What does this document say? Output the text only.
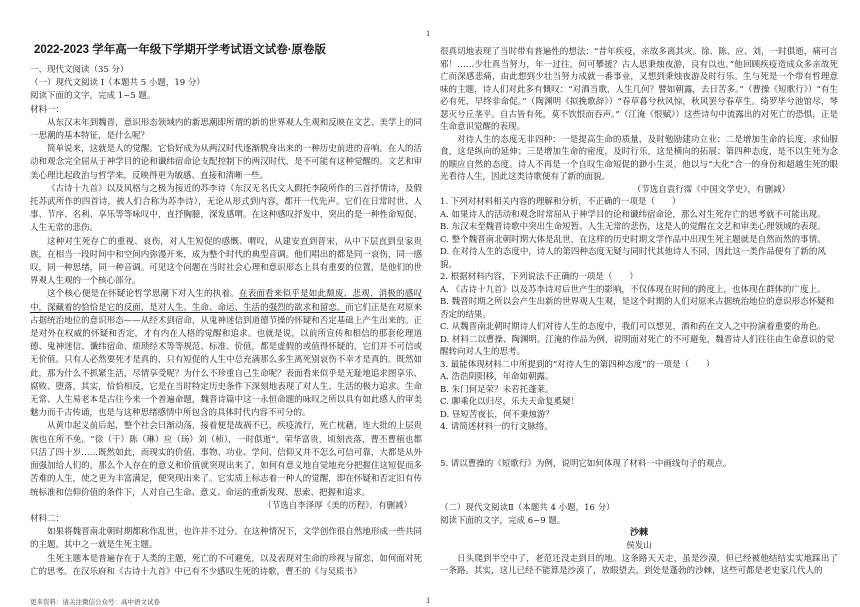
1
2022-2023 学年高一年级下学期开学考试语文试卷·原卷版
一、现代文阅读（35 分）
（一）现代文阅读 I（本题共 5 小题，19 分）
阅读下面的文字，完成 1~5 题。
材料一：

从东汉末年到魏晋，意识形态领域内的新思潮即所谓的新的世界观人生观和反映在文艺、美学上的同一思潮的基本特征，是什么呢？

简单说来，这就是人的觉醒。它恰好成为从两汉时代逐渐脱身出来的一种历史前进的音响。在人的活动和观念完全屈从于神学目的论和谶纬宿命论支配控制下的两汉时代，是不可能有这种觉醒的。文艺和审美心理比起政治与哲学来，反映得更为敏感、直接和清晰一些。

《古诗十九首》以及风格与之极为接近的苏李诗（东汉无名氏文人假托李陵所作的三首抒情诗，及假托苏武所作的四首诗，被人们合称为苏李诗），无论从形式到内容，都开一代先声。它们在日常时世、人事、节序、名利、享乐等等咏叹中，直抒胸臆，深发感喟。在这种感叹抒发中，突出的是一种性命短促、人生无常的悲伤。

这种对生死存亡的重视、哀伤，对人生短促的感慨、喟叹，从建安直到晋宋，从中下层直到皇家贵族，在相当一段时间中和空间内弥漫开来，成为整个时代的典型音调。他们唱出的都是同一哀伤，同一感叹，同一种思绪，同一种音调。可见这个问题在当时社会心理和意识形态上具有重要的位置，是他们的世界观人生观的一个核心部分。

这个核心便是在怀疑论哲学思潮下对人生的执着。在表面看来似乎是如此颓废、悲观、消极的感叹中，深藏着的恰恰是它的反面，是对人生、生命、命运、生活的强烈的欲求和留恋。而它们正是在对原来占据统治地位的意识形态——从经术到宿命，从鬼神迷信到道德节操的怀疑和否定基础上产生出来的。正是对外在权威的怀疑和否定，才有内在人格的觉醒和追求。也就是说，以前所宣传和相信的那套伦理道德、鬼神迷信、谶纬宿命、烦琐经术等等规范、标准、价值，都是虚假的或值得怀疑的，它们并不可信或无价值。只有人必然要死才是真的，只有短促的人生中总充满那么多生离死别哀伤不幸才是真的。既然如此，那为什么不抓紧生活，尽情享受呢？为什么不珍重自己生命呢？表面看来似乎是无耻地追求图享乐、腐败、堕落，其实，恰恰相反，它是在当时特定历史条件下深刻地表现了对人生、生活的极力追求。生命无常、人生易老本是古往今来一个普遍命题，魏晋诗篇中这一永恒命题的咏叹之所以具有如此感人的审美魅力而千古传诵，也是与这种思绪感情中所包含的具体时代内容不可分的。

从黄巾起义前后起，整个社会日渐动荡，接着便是战祸不已，疾疫流行，死亡枕藉，连大批的上层贵族也在所不免。“徐（干）陈（琳）应（玚）刘（桢），一时俱逝”，荣华富贵，顷刻丧落，曹丕曹植也都只活了四十岁……既然如此，而现实的价值、事物、功业、学问、信仰又并不怎么可信可靠，大都是从外面强加给人们的，那么个人存在的意义和价值就突现出来了，如何有意义地自觉地充分把握住这短促而多苦难的人生，使之更为丰富满足，便突现出来了。它实质上标志着一种人的觉醒，即在怀疑和否定旧有传统标准和信仰价值的条件下，人对自己生命、意义、命运的重新发现、思索、把握和追求。

（节选自李泽厚《美的历程》，有删减）
材料二：

如果将魏晋南北朝时期都称作乱世，也许并不过分。在这种情况下，文学创作很自然地形成一些共同的主题。其中之一就是生死主题。

生死主题本是普遍存在于人类的主题，死亡的不可避免，以及表现对生命的珍视与留恋，如何面对死亡的思考。在汉乐府和《古诗十九首》中已有不少感叹生死的诗歌，曹丕的《与吴质书》

很真切地表现了当时带有普遍性的想法：“昔年疾疫，亲故多离其灾。徐、陈、应、刘，一时俱逝，痛可言邪！……少壮真当努力，年一过往，何可攀援？古人思秉烛夜游，良有以也。”他回顾疾疫造成众多亲故死亡而深感悲痛，由此想到少壮当努力成就一番事业，又想到秉烛夜游及时行乐。生与死是一个带有哲理意味的主题，诗人们对此多有慨叹：“对酒当歌，人生几何？譬如朝露，去日苦多。”（曹操《短歌行》）“有生必有死，早终非命促。”（陶渊明《拟挽歌辞》）“春草暮兮秋风惊，秋风罢兮春草生。绮罗毕兮池馆尽，琴瑟灭兮丘垄平。自古皆有死，莫不饮恨而吞声。”（江淹《恨赋》）这些诗句中流露出的对死亡的恐惧，正是生命意识觉醒的表现。

对待人生的态度无非四种：一是提高生命的质量，及时勉励建功立业；二是增加生命的长度，求仙服食，这是纵向的延伸；三是增加生命的密度，及时行乐，这是横向的拓展；第四种态度，是不以生死为念的顺应自然的态度。诗人不再是一个自叹生命短促的渺小生灵，他以与“大化”合一的身份和超越生死的眼光看待人生，因此这类诗歌便有了新的面貌。

（节选自袁行霈《中国文学史》，有删减）
1. 下列对材料相关内容的理解和分析，不正确的一项是（　　）
A. 如果诗人的活动和观念时常屈从于神学目的论和谶纬宿命论，那么对生死存亡的思考就不可能出现。
B. 东汉末至魏晋诗歌中突出生命短暂、人生无常的悲伤，这是人的觉醒在文艺和审美心理领域的表现。
C. 整个魏晋南北朝时期大体是乱世，在这样的历史时期文学作品中出现生死主题就是自然而然的事情。
D. 在对待人生的态度中，诗人的第四种态度无疑与同时代其他诗人不同，因此这一类作品便有了新的风貌。
2. 根据材料内容，下列说法不正确的一项是（　　）
A. 《古诗十九首》以及苏李诗对后世产生的影响，不仅体现在时间的跨度上，也体现在群体的广度上。
B. 魏晋时期之所以会产生出新的世界观人生观，是这个时期的人们对原来占据统治地位的意识形态怀疑和否定的结果。
C. 从魏晋南北朝时期诗人们对待人生的态度中，我们可以想见，酒和药在文人之中扮演着重要的角色。
D. 材料二以曹操、陶渊明、江淹的作品为例，说明面对死亡的不可避免，魏晋诗人们往往由生命意识的觉醒转向对人生的思考。
3. 最能体现材料二中所提到的“对待人生的第四种态度”的一项是（　　）
A. 浩浩阴阳移，年命如朝露。
B. 朱门何足荣？未若托蓬莱。
C. 聊乘化以归尽，乐夫天命复奚疑！
D. 昼短苦夜长，何不秉烛游？
4. 请简述材料一的行文脉络。
5. 请以曹操的《短歌行》为例，说明它如何体现了材料一中画线句子的观点。
（二）现代文阅读Ⅱ（本题共 4 小题，16 分）
阅读下面的文字，完成 6~9 题。
沙棘
侯发山

日头爬到半空中了，老范还没走到目的地。这条路天天走，虽是沙漠，但已经被他结结实实地踩出了一条路。其实，这儿已经不能算是沙漠了，放眼望去，到处是蓬勃的沙棘，这些可都是老史家几代人的

更多资料：请关注微信公众号：高中语文试卷	1
